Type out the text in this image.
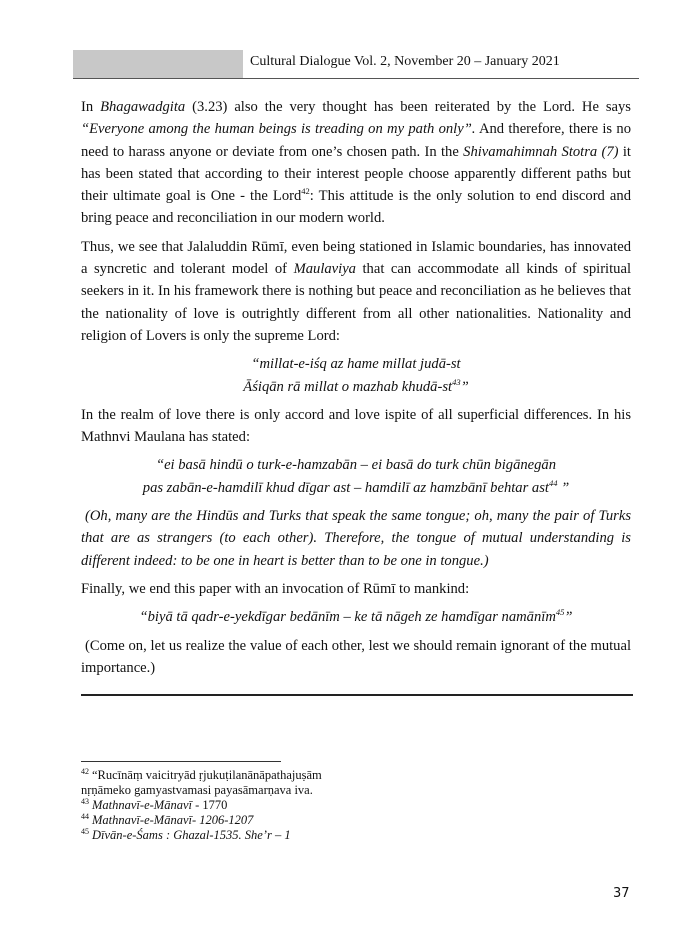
Cultural Dialogue Vol. 2, November 20 – January 2021

In Bhagawadgita (3.23) also the very thought has been reiterated by the Lord. He says “Everyone among the human beings is treading on my path only”. And therefore, there is no need to harass anyone or deviate from one’s chosen path. In the Shivamahimnah Stotra (7) it has been stated that according to their interest people choose apparently different paths but their ultimate goal is One - the Lord$^{42}$: This attitude is the only solution to end discord and bring peace and reconciliation in our modern world.

Thus, we see that Jalaluddin Rūmī, even being stationed in Islamic boundaries, has innovated a syncretic and tolerant model of Maulaviya that can accommodate all kinds of spiritual seekers in it. In his framework there is nothing but peace and reconciliation as he believes that the nationality of love is outrightly different from all other nationalities. Nationality and religion of Lovers is only the supreme Lord:

“millat-e-iśq az hame millat judā-st
Āśiqān rā millat o mazhab khudā-$st^{43}$”

In the realm of love there is only accord and love ispite of all superficial differences. In his Mathnvi Maulana has stated:

“ei basā hindū o turk-e-hamzabān – ei basā do turk chūn bigānegān
pas zabān-e-hamdilī khud dīgar ast – hamdilī az hamzbānī behtar ast$^{44}$ ”

(Oh, many are the Hindūs and Turks that speak the same tongue; oh, many the pair of Turks that are as strangers (to each other). Therefore, the tongue of mutual understanding is different indeed: to be one in heart is better than to be one in tongue.)

Finally, we end this paper with an invocation of Rūmī to mankind:

“biyā tā qadr-e-yekdīgar bedānīm – ke tā nāgeh ze hamdīgar namānīm$^{45}$”

(Come on, let us realize the value of each other, lest we should remain ignorant of the mutual importance.)

$^{42}$ “Rucīnāṃ vaicitryād ṛjukuṭilanānāpathajuṣām

nṛṇāmeko gamyastvamasi payasāmarṇava iva.

$^{43}$ Mathnavī-e-Mānavī - 1770

$^{44}$ Mathnavī-e-Mānavī- 1206-1207

$^{45}$ Dīvān-e-Śams : Ghazal-1535. She’r – 1

37
